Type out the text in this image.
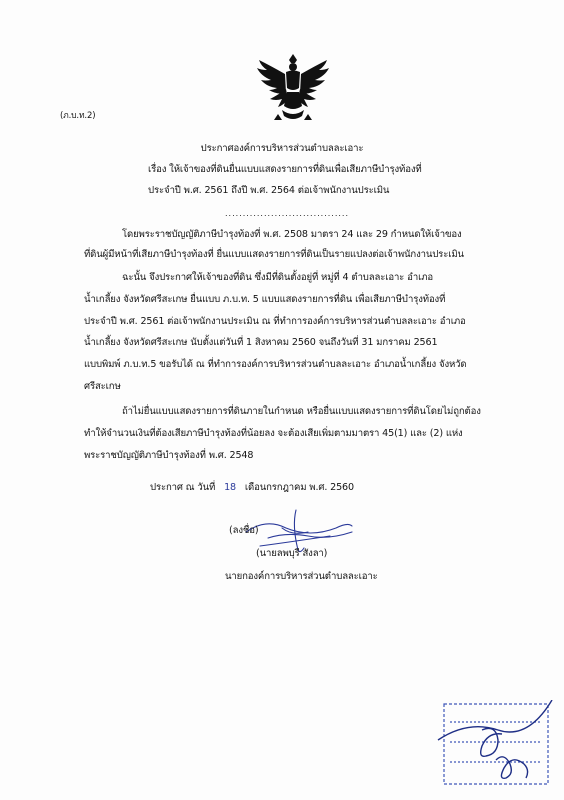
(ภ.บ.ท.2)
ประกาศองค์การบริหารส่วนตำบลละเอาะ
เรื่อง ให้เจ้าของที่ดินยื่นแบบแสดงรายการที่ดินเพื่อเสียภาษีบำรุงท้องที่
ประจำปี พ.ศ. 2561 ถึงปี พ.ศ. 2564 ต่อเจ้าพนักงานประเมิน
...................................
โดยพระราชบัญญัติภาษีบำรุงท้องที่ พ.ศ. 2508 มาตรา 24 และ 29 กำหนดให้เจ้าของ
ที่ดินผู้มีหน้าที่เสียภาษีบำรุงท้องที่ ยื่นแบบแสดงรายการที่ดินเป็นรายแปลงต่อเจ้าพนักงานประเมิน
ฉะนั้น จึงประกาศให้เจ้าของที่ดิน ซึ่งมีที่ดินตั้งอยู่ที่ หมู่ที่ 4 ตำบลละเอาะ อำเภอ
น้ำเกลี้ยง จังหวัดศรีสะเกษ ยื่นแบบ ภ.บ.ท. 5 แบบแสดงรายการที่ดิน เพื่อเสียภาษีบำรุงท้องที่
ประจำปี พ.ศ. 2561 ต่อเจ้าพนักงานประเมิน ณ ที่ทำการองค์การบริหารส่วนตำบลละเอาะ อำเภอ
น้ำเกลี้ยง จังหวัดศรีสะเกษ นับตั้งแต่วันที่ 1 สิงหาคม 2560 จนถึงวันที่ 31 มกราคม 2561
แบบพิมพ์ ภ.บ.ท.5 ขอรับได้ ณ ที่ทำการองค์การบริหารส่วนตำบลละเอาะ อำเภอน้ำเกลี้ยง จังหวัด
ศรีสะเกษ
ถ้าไม่ยื่นแบบแสดงรายการที่ดินภายในกำหนด หรือยื่นแบบแสดงรายการที่ดินโดยไม่ถูกต้อง
ทำให้จำนวนเงินที่ต้องเสียภาษีบำรุงท้องที่น้อยลง จะต้องเสียเพิ่มตามมาตรา 45(1) และ (2) แห่ง
พระราชบัญญัติภาษีบำรุงท้องที่ พ.ศ. 2548
ประกาศ ณ วันที่ 18 เดือนกรกฎาคม พ.ศ. 2560
(ลงชื่อ)
(นายลพบุรี สังลา)
นายกองค์การบริหารส่วนตำบลละเอาะ
